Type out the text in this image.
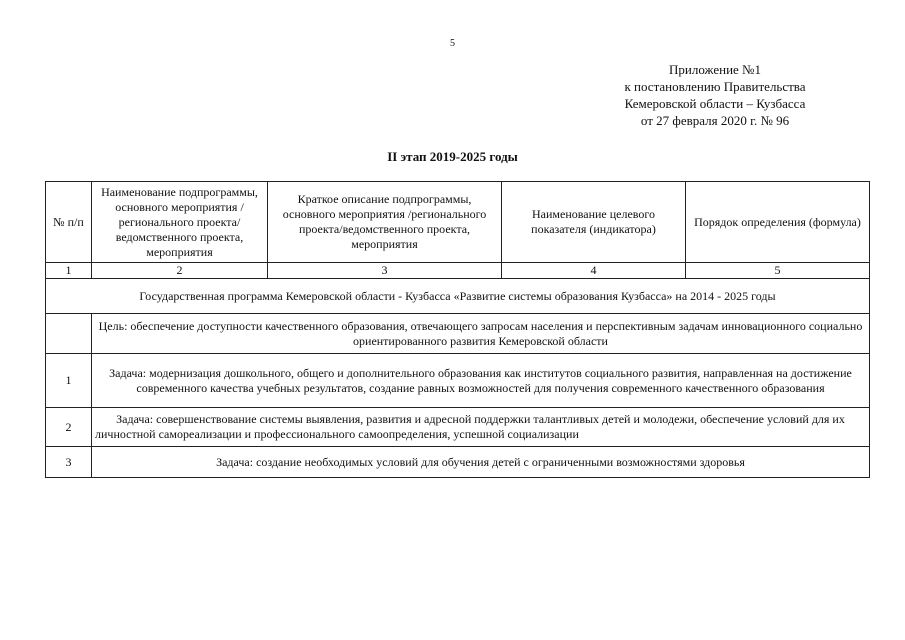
5
Приложение №1
к постановлению Правительства
Кемеровской области – Кузбасса
от 27 февраля 2020 г. № 96
II этап 2019-2025 годы
№ п/п	Наименование подпрограммы, основного мероприятия /регионального проекта/ведомственного проекта, мероприятия	Краткое описание подпрограммы, основного мероприятия /регионального проекта/ведомственного проекта, мероприятия	Наименование целевого показателя (индикатора)	Порядок определения (формула)
1	2	3	4	5
Государственная программа Кемеровской области - Кузбасса «Развитие системы образования Кузбасса» на 2014 - 2025 годы				
	Цель: обеспечение доступности качественного образования, отвечающего запросам населения и перспективным задачам инновационного социально ориентированного развития Кемеровской области			
1	Задача: модернизация дошкольного, общего и дополнительного образования как институтов социального развития, направленная на достижение современного качества учебных результатов, создание равных возможностей для получения современного качественного образования			
2	Задача: совершенствование системы выявления, развития и адресной поддержки талантливых детей и молодежи, обеспечение условий для их личностной самореализации и профессионального самоопределения, успешной социализации			
3	Задача: создание необходимых условий для обучения детей с ограниченными возможностями здоровья			
